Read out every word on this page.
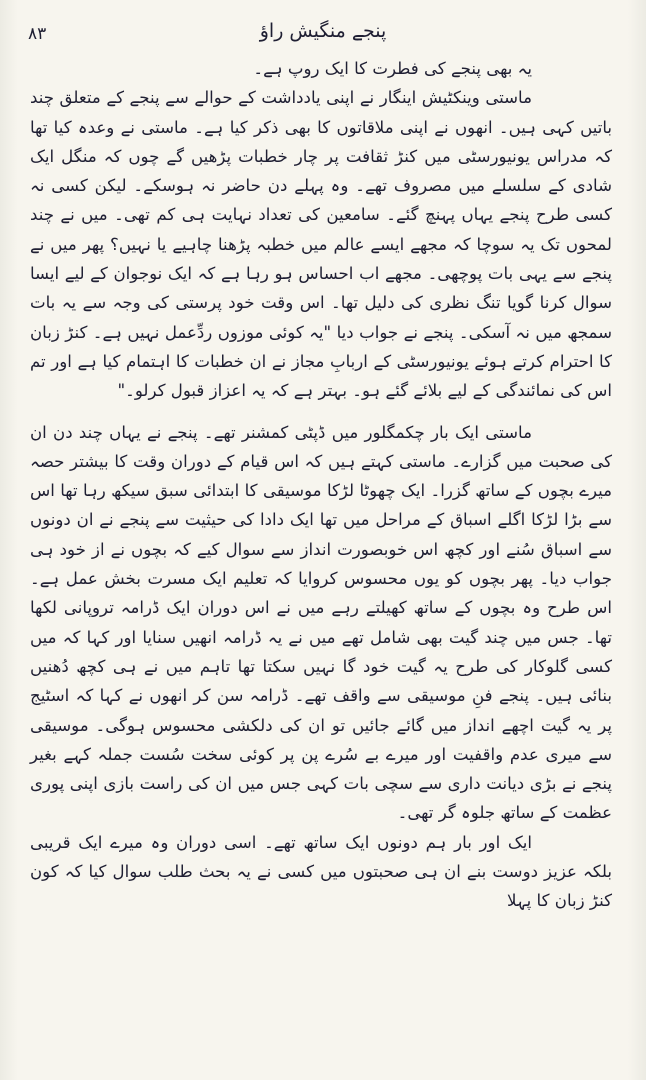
٨٣	پنجے منگیش راؤ

یہ بھی پنجے کی فطرت کا ایک روپ ہے۔

ماستی وینکٹیش اینگار نے اپنی یادداشت کے حوالے سے پنجے کے متعلق چند باتیں کہی ہیں۔ انھوں نے اپنی ملاقاتوں کا بھی ذکر کیا ہے۔ ماستی نے وعدہ کیا تھا کہ مدراس یونیورسٹی میں کنڑ ثقافت پر چار خطبات پڑھیں گے چوں کہ منگل ایک شادی کے سلسلے میں مصروف تھے۔ وہ پہلے دن حاضر نہ ہوسکے۔ لیکن کسی نہ کسی طرح پنجے یہاں پہنچ گئے۔ سامعین کی تعداد نہایت ہی کم تھی۔ میں نے چند لمحوں تک یہ سوچا کہ مجھے ایسے عالم میں خطبہ پڑھنا چاہیے یا نہیں؟ پھر میں نے پنجے سے یہی بات پوچھی۔ مجھے اب احساس ہو رہا ہے کہ ایک نوجوان کے لیے ایسا سوال کرنا گویا تنگ نظری کی دلیل تھا۔ اس وقت خود پرستی کی وجہ سے یہ بات سمجھ میں نہ آسکی۔ پنجے نے جواب دیا "یہ کوئی موزوں ردِّعمل نہیں ہے۔ کنڑ زبان کا احترام کرتے ہوئے یونیورسٹی کے اربابِ مجاز نے ان خطبات کا اہتمام کیا ہے اور تم اس کی نمائندگی کے لیے بلائے گئے ہو۔ بہتر ہے کہ یہ اعزاز قبول کرلو۔"

ماستی ایک بار چکمگلور میں ڈپٹی کمشنر تھے۔ پنجے نے یہاں چند دن ان کی صحبت میں گزارے۔ ماستی کہتے ہیں کہ اس قیام کے دوران وقت کا بیشتر حصہ میرے بچوں کے ساتھ گزرا۔ ایک چھوٹا لڑکا موسیقی کا ابتدائی سبق سیکھ رہا تھا اس سے بڑا لڑکا اگلے اسباق کے مراحل میں تھا ایک دادا کی حیثیت سے پنجے نے ان دونوں سے اسباق سُنے اور کچھ اس خوبصورت انداز سے سوال کیے کہ بچوں نے از خود ہی جواب دیا۔ پھر بچوں کو یوں محسوس کروایا کہ تعلیم ایک مسرت بخش عمل ہے۔ اس طرح وہ بچوں کے ساتھ کھیلتے رہے میں نے اس دوران ایک ڈرامہ تروپانی لکھا تھا۔ جس میں چند گیت بھی شامل تھے میں نے یہ ڈرامہ انھیں سنایا اور کہا کہ میں کسی گلوکار کی طرح یہ گیت خود گا نہیں سکتا تھا تاہم میں نے ہی کچھ دُھنیں بنائی ہیں۔ پنجے فنِ موسیقی سے واقف تھے۔ ڈرامہ سن کر انھوں نے کہا کہ اسٹیج پر یہ گیت اچھے انداز میں گائے جائیں تو ان کی دلکشی محسوس ہوگی۔ موسیقی سے میری عدم واقفیت اور میرے بے سُرے پن پر کوئی سخت سُست جملہ کہے بغیر پنجے نے بڑی دیانت داری سے سچی بات کہی جس میں ان کی راست بازی اپنی پوری عظمت کے ساتھ جلوہ گر تھی۔

ایک اور بار ہم دونوں ایک ساتھ تھے۔ اسی دوران وہ میرے ایک قریبی بلکہ عزیز دوست بنے ان ہی صحبتوں میں کسی نے یہ بحث طلب سوال کیا کہ کون کنڑ زبان کا پہلا
